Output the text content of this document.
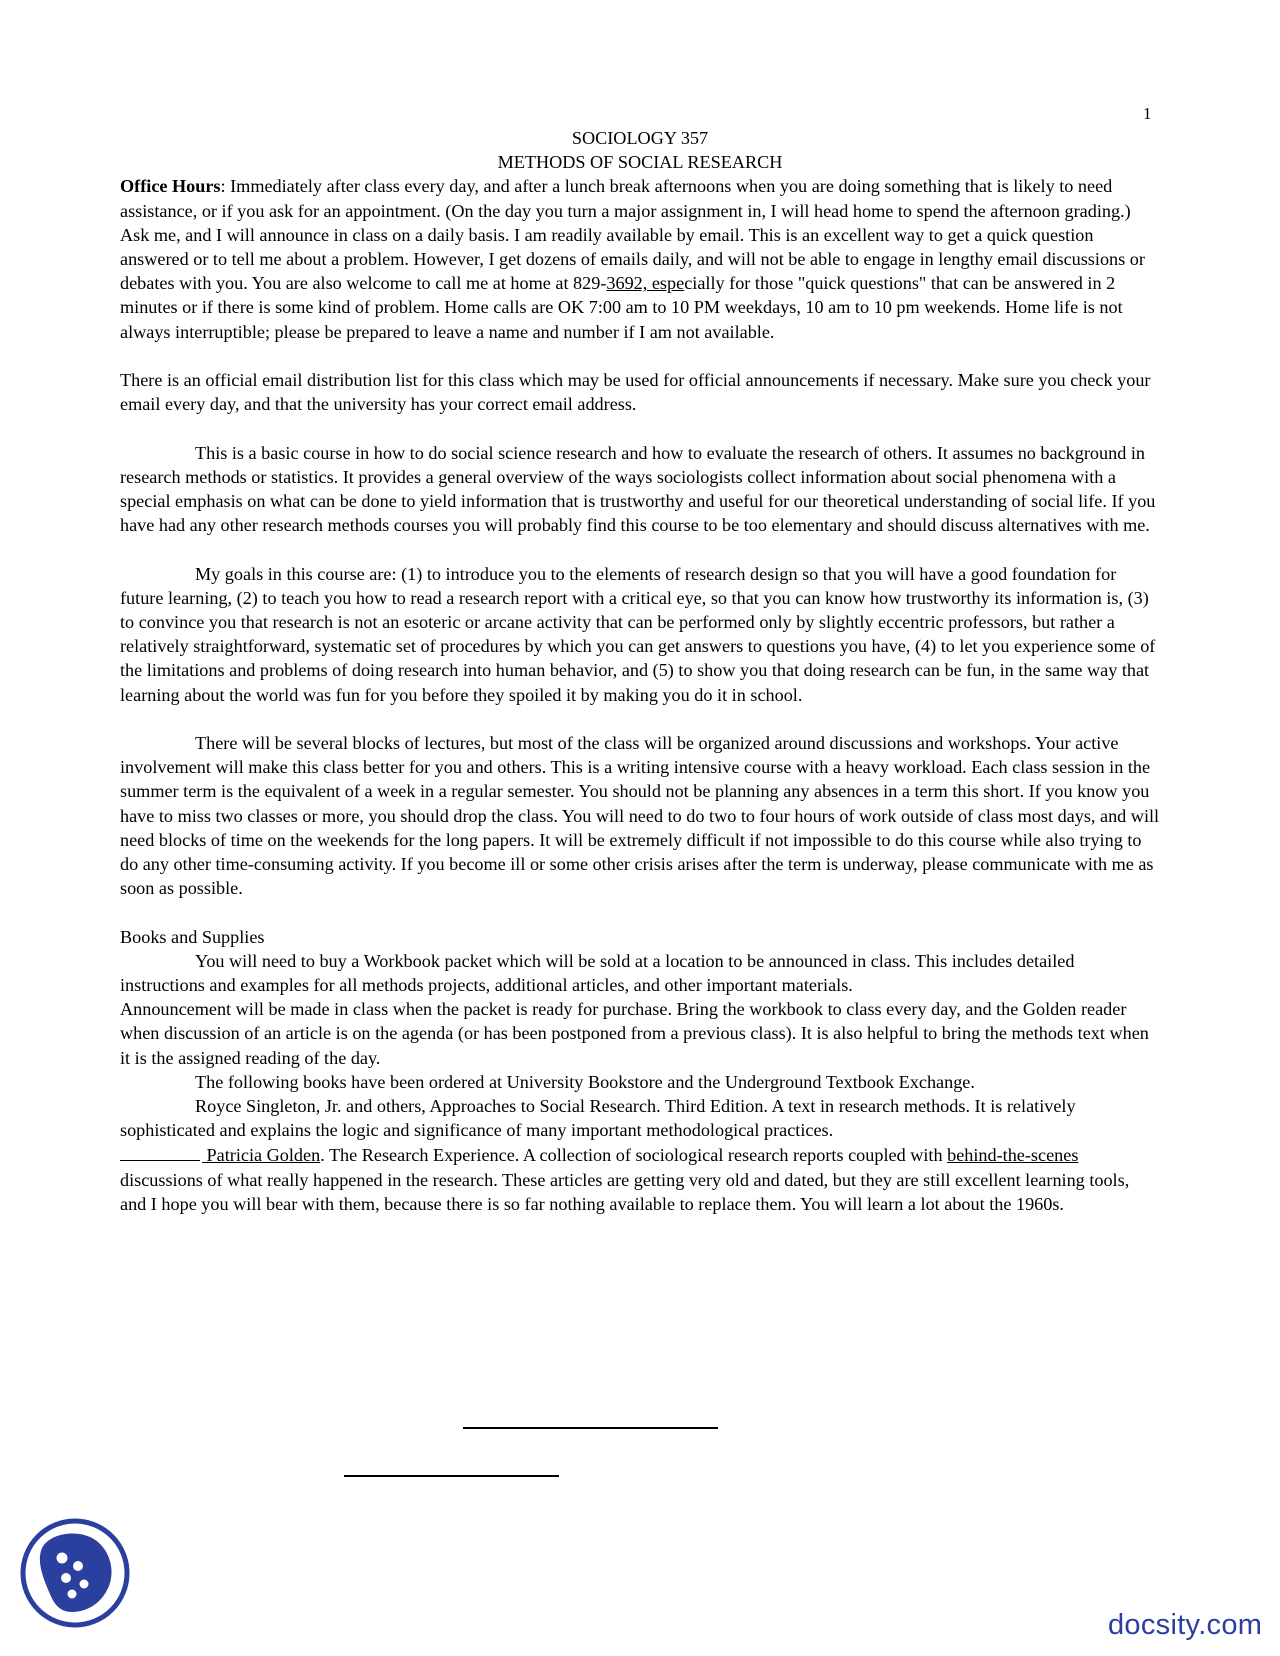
1

SOCIOLOGY 357

METHODS OF SOCIAL RESEARCH

Office Hours: Immediately after class every day, and after a lunch break afternoons when you are doing something that is likely to need assistance, or if you ask for an appointment. (On the day you turn a major assignment in, I will head home to spend the afternoon grading.) Ask me, and I will announce in class on a daily basis. I am readily available by email. This is an excellent way to get a quick question answered or to tell me about a problem. However, I get dozens of emails daily, and will not be able to engage in lengthy email discussions or debates with you. You are also welcome to call me at home at 829-3692, especially for those "quick questions" that can be answered in 2 minutes or if there is some kind of problem. Home calls are OK 7:00 am to 10 PM weekdays, 10 am to 10 pm weekends. Home life is not always interruptible; please be prepared to leave a name and number if I am not available.

There is an official email distribution list for this class which may be used for official announcements if necessary. Make sure you check your email every day, and that the university has your correct email address.

This is a basic course in how to do social science research and how to evaluate the research of others. It assumes no background in research methods or statistics. It provides a general overview of the ways sociologists collect information about social phenomena with a special emphasis on what can be done to yield information that is trustworthy and useful for our theoretical understanding of social life. If you have had any other research methods courses you will probably find this course to be too elementary and should discuss alternatives with me.

My goals in this course are: (1) to introduce you to the elements of research design so that you will have a good foundation for future learning, (2) to teach you how to read a research report with a critical eye, so that you can know how trustworthy its information is, (3) to convince you that research is not an esoteric or arcane activity that can be performed only by slightly eccentric professors, but rather a relatively straightforward, systematic set of procedures by which you can get answers to questions you have, (4) to let you experience some of the limitations and problems of doing research into human behavior, and (5) to show you that doing research can be fun, in the same way that learning about the world was fun for you before they spoiled it by making you do it in school.

There will be several blocks of lectures, but most of the class will be organized around discussions and workshops. Your active involvement will make this class better for you and others. This is a writing intensive course with a heavy workload. Each class session in the summer term is the equivalent of a week in a regular semester. You should not be planning any absences in a term this short. If you know you have to miss two classes or more, you should drop the class. You will need to do two to four hours of work outside of class most days, and will need blocks of time on the weekends for the long papers. It will be extremely difficult if not impossible to do this course while also trying to do any other time-consuming activity. If you become ill or some other crisis arises after the term is underway, please communicate with me as soon as possible.

Books and Supplies

You will need to buy a Workbook packet which will be sold at a location to be announced in class. This includes detailed instructions and examples for all methods projects, additional articles, and other important materials.

Announcement will be made in class when the packet is ready for purchase. Bring the workbook to class every day, and the Golden reader when discussion of an article is on the agenda (or has been postponed from a previous class). It is also helpful to bring the methods text when it is the assigned reading of the day.

The following books have been ordered at University Bookstore and the Underground Textbook Exchange.

Royce Singleton, Jr. and others, Approaches to Social Research. Third Edition. A text in research methods. It is relatively sophisticated and explains the logic and significance of many important methodological practices.

Patricia Golden. The Research Experience. A collection of sociological research reports coupled with behind-the-scenes discussions of what really happened in the research. These articles are getting very old and dated, but they are still excellent learning tools, and I hope you will bear with them, because there is so far nothing available to replace them. You will learn a lot about the 1960s.

docsity.com
